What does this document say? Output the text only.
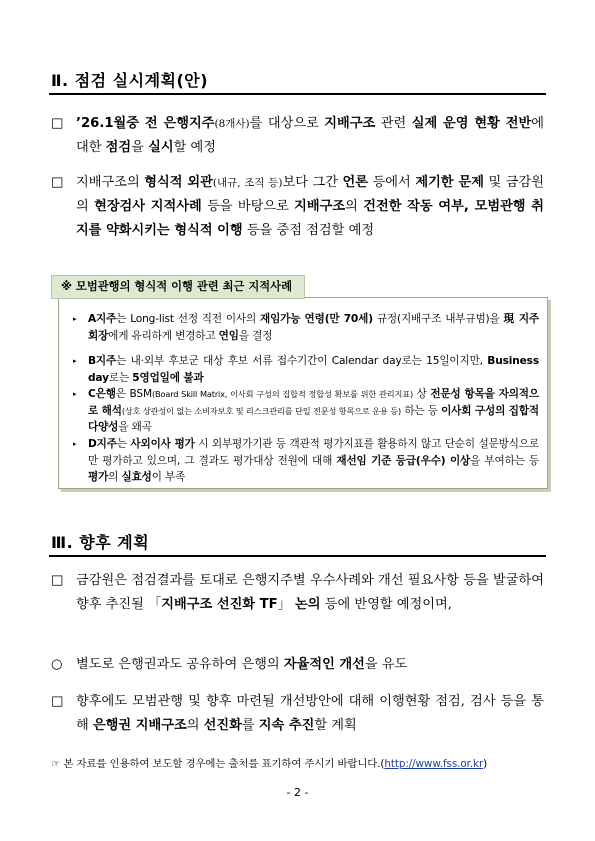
Ⅱ. 점검 실시계획(안)
□ ’26.1월중 전 은행지주(8개사)를 대상으로 지배구조 관련 실제 운영 현황 전반에 대한 점검을 실시할 예정
□ 지배구조의 형식적 외관(내규, 조직 등)보다 그간 언론 등에서 제기한 문제 및 금감원의 현장검사 지적사례 등을 바탕으로 지배구조의 건전한 작동 여부, 모범관행 취지를 약화시키는 형식적 이행 등을 중점 점검할 예정
※ 모범관행의 형식적 이행 관련 최근 지적사례
▸ A지주는 Long-list 선정 직전 이사의 재임가능 연령(만 70세) 규정(지배구조 내부규범)을 現 지주회장에게 유리하게 변경하고 연임을 결정
▸ B지주는 내·외부 후보군 대상 후보 서류 접수기간이 Calendar day로는 15일이지만, Business day로는 5영업일에 불과
▸ C은행은 BSM(Board Skill Matrix, 이사회 구성의 집합적 정합성 확보를 위한 관리지표) 상 전문성 항목을 자의적으로 해석(상호 상관성이 없는 소비자보호 및 리스크관리를 단일 전문성 항목으로 운용 등) 하는 등 이사회 구성의 집합적 다양성을 왜곡
▸ D지주는 사외이사 평가 시 외부평가기관 등 객관적 평가지표를 활용하지 않고 단순히 설문방식으로만 평가하고 있으며, 그 결과도 평가대상 전원에 대해 재선임 기준 등급(우수) 이상을 부여하는 등 평가의 실효성이 부족
Ⅲ. 향후 계획
□ 금감원은 점검결과를 토대로 은행지주별 우수사례와 개선 필요사항 등을 발굴하여 향후 추진될 「지배구조 선진화 TF」 논의 등에 반영할 예정이며,
○ 별도로 은행권과도 공유하여 은행의 자율적인 개선을 유도
□ 향후에도 모범관행 및 향후 마련될 개선방안에 대해 이행현황 점검, 검사 등을 통해 은행권 지배구조의 선진화를 지속 추진할 계획
☞ 본 자료를 인용하여 보도할 경우에는 출처를 표기하여 주시기 바랍니다.(http://www.fss.or.kr)
- 2 -
